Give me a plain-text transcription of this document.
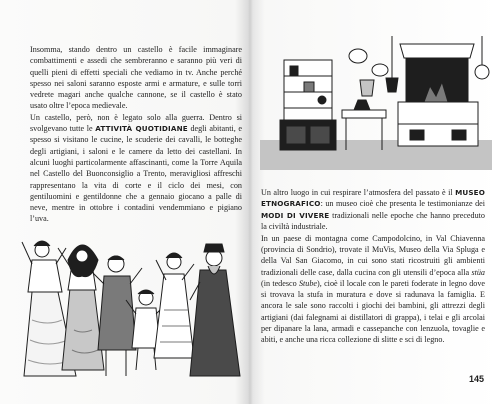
Insomma, stando dentro un castello è facile immaginare combattimenti e assedi che sembreranno e saranno più veri di quelli pieni di effetti speciali che vediamo in tv. Anche perché spesso nei saloni saranno esposte armi e armature, e sulle torri vedrete magari anche qualche cannone, se il castello è stato usato oltre l’epoca medievale.

Un castello, però, non è legato solo alla guerra. Dentro si svolgevano tutte le ATTIVITÀ QUOTIDIANE degli abitanti, e spesso si visitano le cucine, le scuderie dei cavalli, le botteghe degli artigiani, i saloni e le camere da letto dei castellani. In alcuni luoghi particolarmente affascinanti, come la Torre Aquila nel Castello del Buonconsiglio a Trento, meravigliosi affreschi rappresentano la vita di corte e il ciclo dei mesi, con gentiluomini e gentildonne che a gennaio giocano a palle di neve, mentre in ottobre i contadini vendemmiano e pigiano l’uva.

Un altro luogo in cui respirare l’atmosfera del passato è il MUSEO ETNOGRAFICO: un museo cioè che presenta le testimonianze dei MODI DI VIVERE tradizionali nelle epoche che hanno preceduto la civiltà industriale.

In un paese di montagna come Campodolcino, in Val Chiavenna (provincia di Sondrio), trovate il MuVis, Museo della Via Spluga e della Val San Giacomo, in cui sono stati ricostruiti gli ambienti tradizionali delle case, dalla cucina con gli utensili d’epoca alla stüa (in tedesco Stube), cioè il locale con le pareti foderate in legno dove si trovava la stufa in muratura e dove si radunava la famiglia. E ancora le sale sono raccolti i giochi dei bambini, gli attrezzi degli artigiani (dai falegnami ai distillatori di grappa), i telai e gli arcolai per dipanare la lana, armadi e cassepanche con lenzuola, tovaglie e abiti, e anche una ricca collezione di slitte e sci di legno.

145
